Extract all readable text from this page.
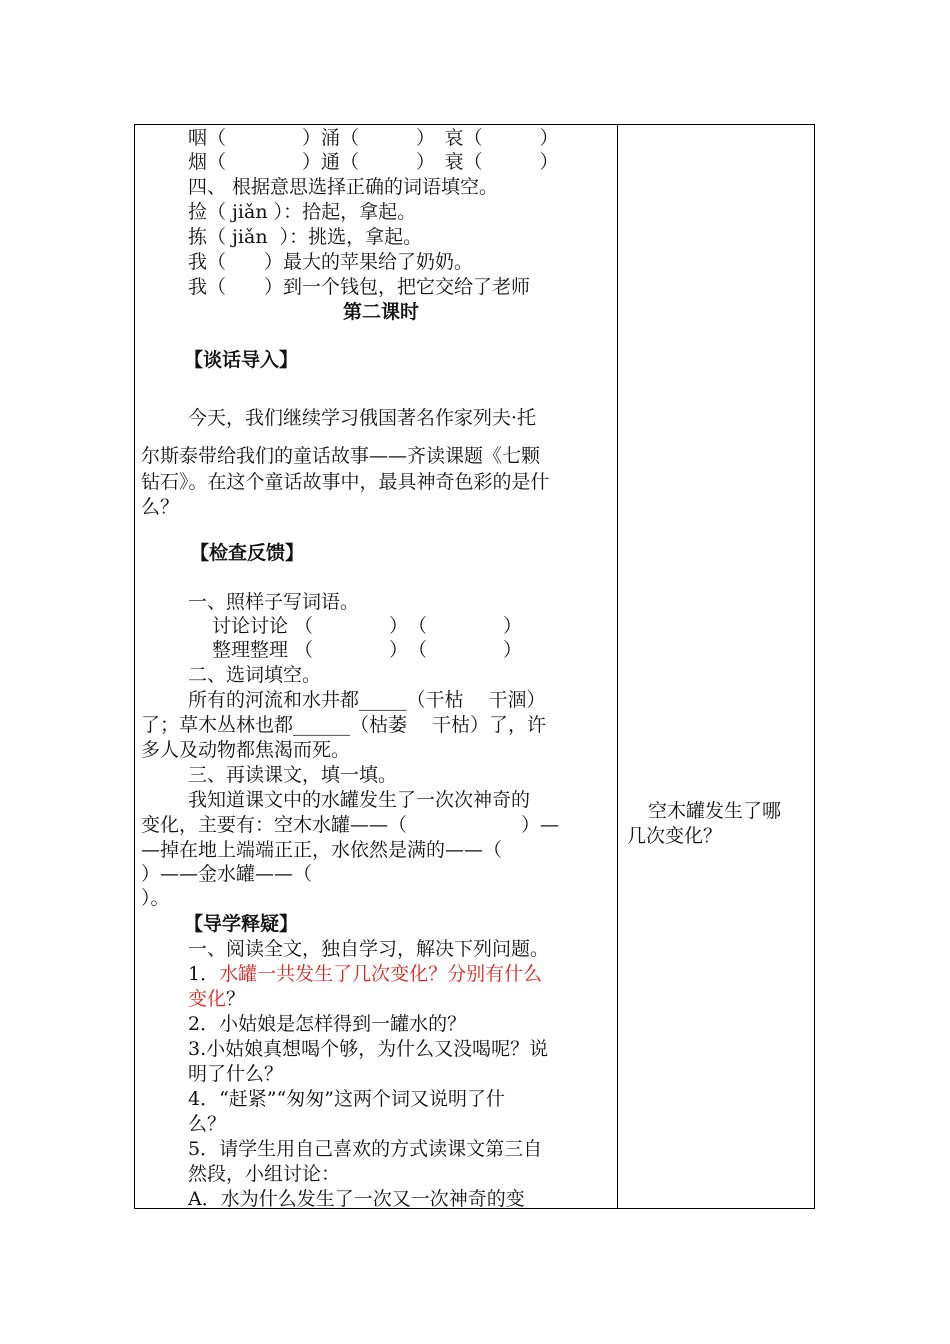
咽（　　　　）涌（　　　）　哀（　　　）
烟（　　　　）通（　　　）　衰（　　　）
四、 根据意思选择正确的词语填空。
捡（ jiǎn ）：拾起，拿起。
拣（ jiǎn  ）：挑选，拿起。
我（　　）最大的苹果给了奶奶。
我（　　）到一个钱包，把它交给了老师
第二课时
【谈话导入】
今天，我们继续学习俄国著名作家列夫·托
尔斯泰带给我们的童话故事——齐读课题《七颗
钻石》。在这个童话故事中，最具神奇色彩的是什
么？
【检查反馈】
一、照样子写词语。
讨论讨论 （　　　　）　（　　　　）
整理整理 （　　　　）　（　　　　）
二、选词填空。
所有的河流和水井都_____（干枯　 干涸）
了；草木丛林也都______（枯萎　 干枯）了，许
多人及动物都焦渴而死。
三、再读课文，填一填。
我知道课文中的水罐发生了一次次神奇的
变化，主要有：空木水罐——（　　　　　　）—
—掉在地上端端正正，水依然是满的——（
）——金水罐——（
）。
【导学释疑】
一、阅读全文，独自学习，解决下列问题。
1．水罐一共发生了几次变化？分别有什么
变化？
2．小姑娘是怎样得到一罐水的？
3.小姑娘真想喝个够，为什么又没喝呢？说
明了什么？
4．“赶紧”“匆匆”这两个词又说明了什
么？
5．请学生用自己喜欢的方式读课文第三自
然段，小组讨论：
A．水为什么发生了一次又一次神奇的变
空木罐发生了哪
几次变化？
